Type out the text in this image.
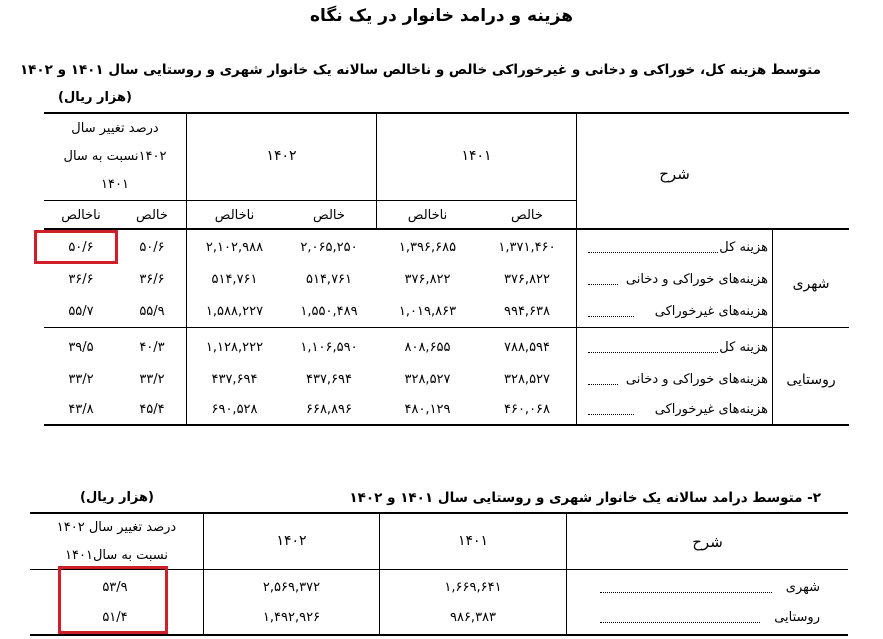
هزینه و درامد خانوار در یک نگاه
متوسط هزینه کل، خوراکی و دخانی و غیرخوراکی خالص و ناخالص سالانه یک خانوار شهری و روستایی سال ۱۴۰۱ و ۱۴۰۲
(هزار ریال)
شرح
۱۴۰۱
۱۴۰۲
درصد تغییر سال
۱۴۰۲نسبت به سال
۱۴۰۱
خالص
ناخالص
خالص
ناخالص
خالص
ناخالص
شهری
روستایی
هزینه کل
۱,۳۷۱,۴۶۰
۱,۳۹۶,۶۸۵
۲,۰۶۵,۲۵۰
۲,۱۰۲,۹۸۸
۵۰/۶
۵۰/۶
هزینه‌های خوراکی و دخانی
۳۷۶,۸۲۲
۳۷۶,۸۲۲
۵۱۴,۷۶۱
۵۱۴,۷۶۱
۳۶/۶
۳۶/۶
هزینه‌های غیرخوراکی
۹۹۴,۶۳۸
۱,۰۱۹,۸۶۳
۱,۵۵۰,۴۸۹
۱,۵۸۸,۲۲۷
۵۵/۹
۵۵/۷
هزینه کل
۷۸۸,۵۹۴
۸۰۸,۶۵۵
۱,۱۰۶,۵۹۰
۱,۱۲۸,۲۲۲
۴۰/۳
۳۹/۵
هزینه‌های خوراکی و دخانی
۳۲۸,۵۲۷
۳۲۸,۵۲۷
۴۳۷,۶۹۴
۴۳۷,۶۹۴
۳۳/۲
۳۳/۲
هزینه‌های غیرخوراکی
۴۶۰,۰۶۸
۴۸۰,۱۲۹
۶۶۸,۸۹۶
۶۹۰,۵۲۸
۴۵/۴
۴۳/۸
۲- متوسط درامد سالانه یک خانوار شهری و روستایی سال ۱۴۰۱ و ۱۴۰۲
(هزار ریال)
شرح
۱۴۰۱
۱۴۰۲
درصد تغییر سال ۱۴۰۲
نسبت به سال۱۴۰۱
شهری
۱,۶۶۹,۶۴۱
۲,۵۶۹,۳۷۲
۵۳/۹
روستایی
۹۸۶,۳۸۳
۱,۴۹۲,۹۲۶
۵۱/۴
